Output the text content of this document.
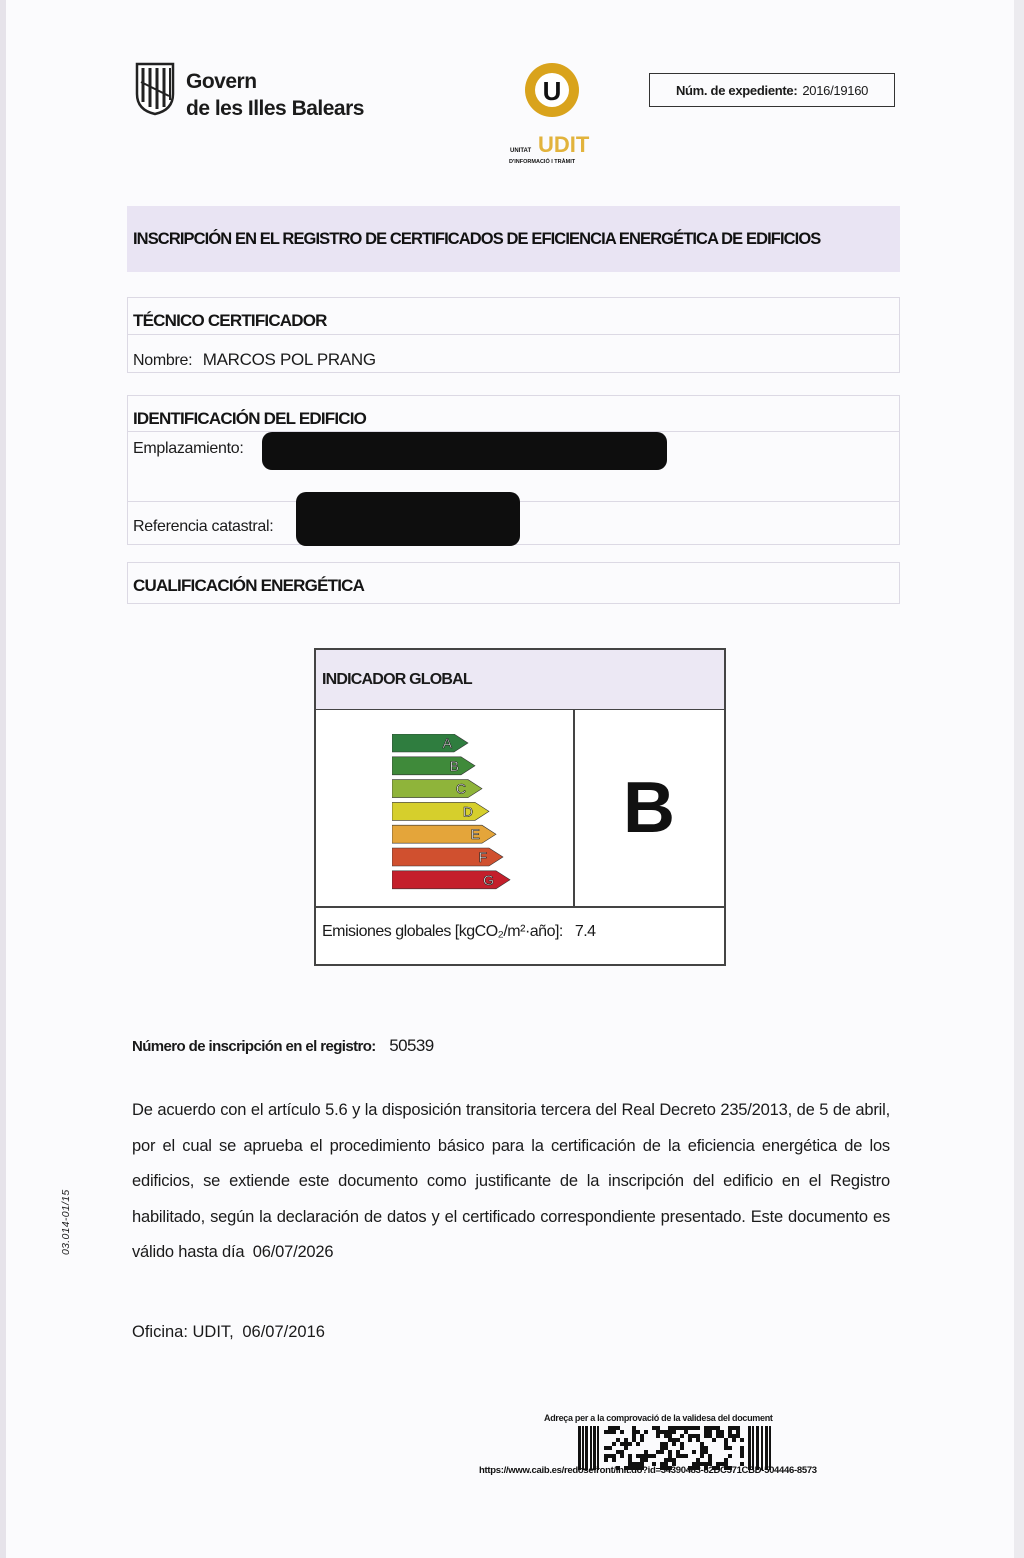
Govern
de les Illes Balears
U
UDIT
UNITAT
D'INFORMACIÓ I TRÀMIT
Núm. de expediente: 2016/19160
INSCRIPCIÓN EN EL REGISTRO DE CERTIFICADOS DE EFICIENCIA ENERGÉTICA DE EDIFICIOS
TÉCNICO CERTIFICADOR
Nombre: MARCOS POL PRANG
IDENTIFICACIÓN DEL EDIFICIO
Emplazamiento:
Referencia catastral:
CUALIFICACIÓN ENERGÉTICA
INDICADOR GLOBAL
A
B
C
D
E
F
G
B
Emisiones globales [kgCO₂/m²·año]: 7.4
Número de inscripción en el registro: 50539
De acuerdo con el artículo 5.6 y la disposición transitoria tercera del Real Decreto 235/2013, de 5 de abril, por el cual se aprueba el procedimiento básico para la certificación de la eficiencia energética de los edificios, se extiende este documento como justificante de la inscripción del edificio en el Registro habilitado, según la declaración de datos y el certificado correspondiente presentado. Este documento es válido hasta día 06/07/2026
Oficina: UDIT, 06/07/2016
03.014-01/15
Adreça per a la comprovació de la validesa del document
https://www.caib.es/redosefront/init.do?id=34390483-82DC571CBD-504446-8573
